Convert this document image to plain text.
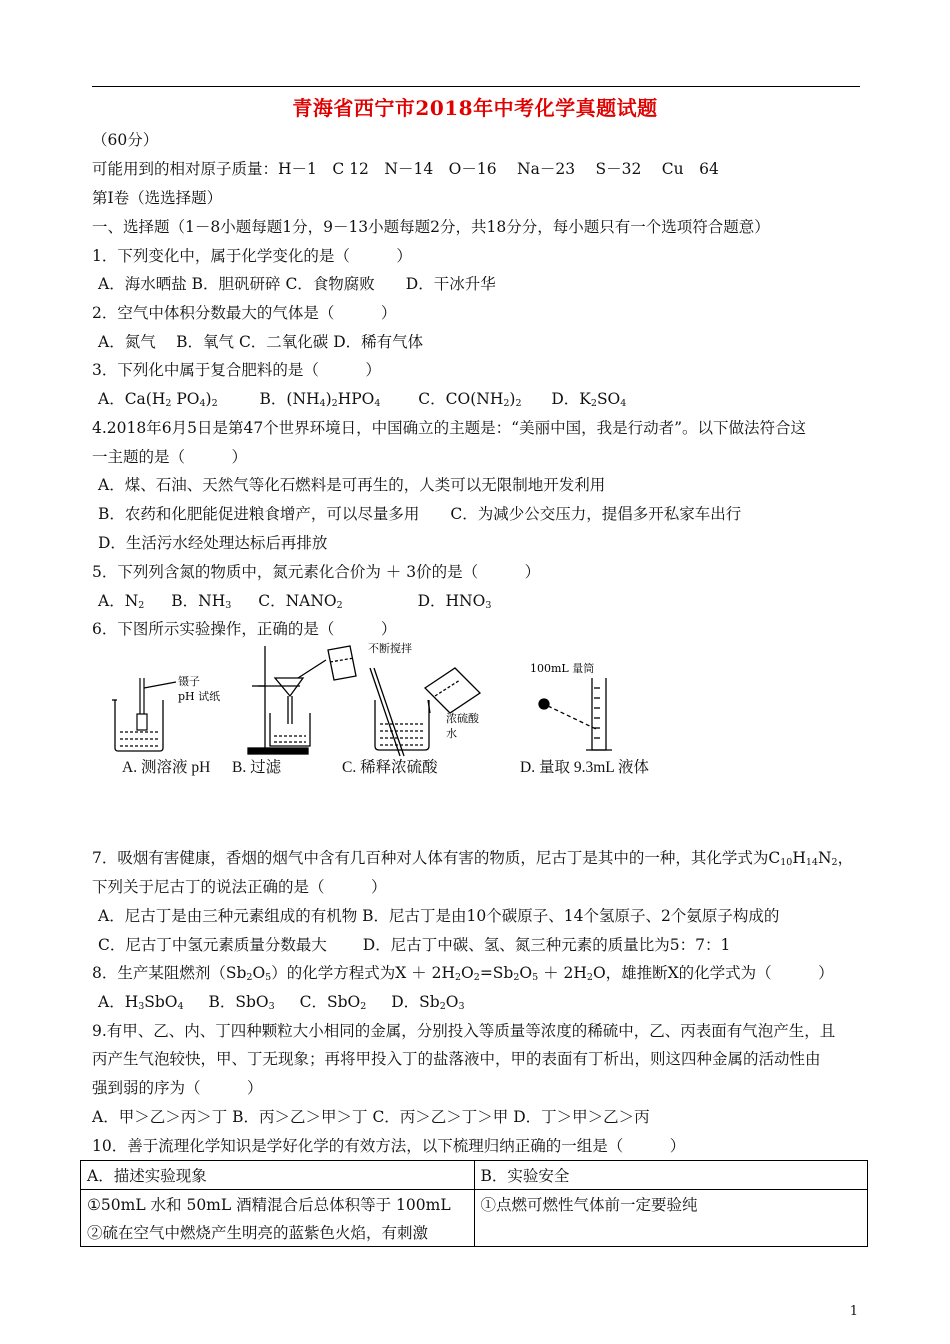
青海省西宁市2018年中考化学真题试题
（60分）
可能用到的相对原子质量：H－1　C 12　N－14　O－16　 Na－23　 S－32　 Cu　64
第Ⅰ卷（选选择题）
一、选择题（1－8小题每题1分，9－13小题每题2分，共18分分，每小题只有一个选项符合题意）
1．下列变化中，属于化学变化的是（　　　）
A．海水晒盐 B．胆矾研碎 C．食物腐败　　D．干冰升华
2．空气中体积分数最大的气体是（　　　）
A．氮气　 B．氧气 C．二氧化碳 D．稀有气体
3．下列化中属于复合肥料的是（　　　）
A．$Ca(H_2$ $PO_4)_2$	B．$(NH_4)_2HPO_4$ C．$CO(NH_2)_2$ D．$K_2SO_4$
4.2018年6月5日是第47个世界环境日，中国确立的主题是：“美丽中国，我是行动者”。以下做法符合这
一主题的是（　　　）
A．煤、石油、天然气等化石燃料是可再生的，人类可以无限制地开发利用
B．农药和化肥能促进粮食增产，可以尽量多用　　C．为减少公交压力，提倡多开私家车出行
D．生活污水经处理达标后再排放
5．下列列含氮的物质中，氮元素化合价为 ＋ 3价的是（　　　）
A．$N_2$ B．$NH_3$ C．$NANO_2$	D．$HNO_3$
6．下图所示实验操作，正确的是（　　　）
镊子
pH 试纸
不断搅拌
浓硫酸
水
100mL 量筒
A. 测溶液 pH B. 过滤	C. 稀释浓硫酸	D. 量取 9.3mL 液体
7．吸烟有害健康，香烟的烟气中含有几百种对人体有害的物质，尼古丁是其中的一种，其化学式为$C_{10}H_{14}N_2$，
下列关于尼古丁的说法正确的是（　　　）
A．尼古丁是由三种元素组成的有机物 B．尼古丁是由10个碳原子、14个氢原子、2个氨原子构成的
C．尼古丁中氢元素质量分数最大　　 D．尼古丁中碳、氢、氮三种元素的质量比为5：7：1
8．生产某阻燃剂$(Sb_2O_5)$的化学方程式为$X + 2H_2O_2=Sb_2O_5 + 2H_2O$，雄推断X的化学式为（　　　）
A．$H_3SbO_4$ B．SbO$_3$ C．SbO$_2$ D．$Sb_2O_3$
9.有甲、乙、内、丁四种颗粒大小相同的金属，分别投入等质量等浓度的稀硫中，乙、丙表面有气泡产生，且
丙产生气泡较快，甲、丁无现象；再将甲投入丁的盐落液中，甲的表面有丁析出，则这四种金属的活动性由
强到弱的序为（　　　）
A．甲＞乙＞丙＞丁 B．丙＞乙＞甲＞丁 C．丙＞乙＞丁＞甲 D．丁＞甲＞乙＞丙
10．善于流理化学知识是学好化学的有效方法，以下梳理归纳正确的一组是（　　　）
A．描述实验现象	B．实验安全

①50mL 水和 50mL 酒精混合后总体积等于 100mL
②硫在空气中燃烧产生明亮的蓝紫色火焰，有刺激	①点燃可燃性气体前一定要验纯
1
